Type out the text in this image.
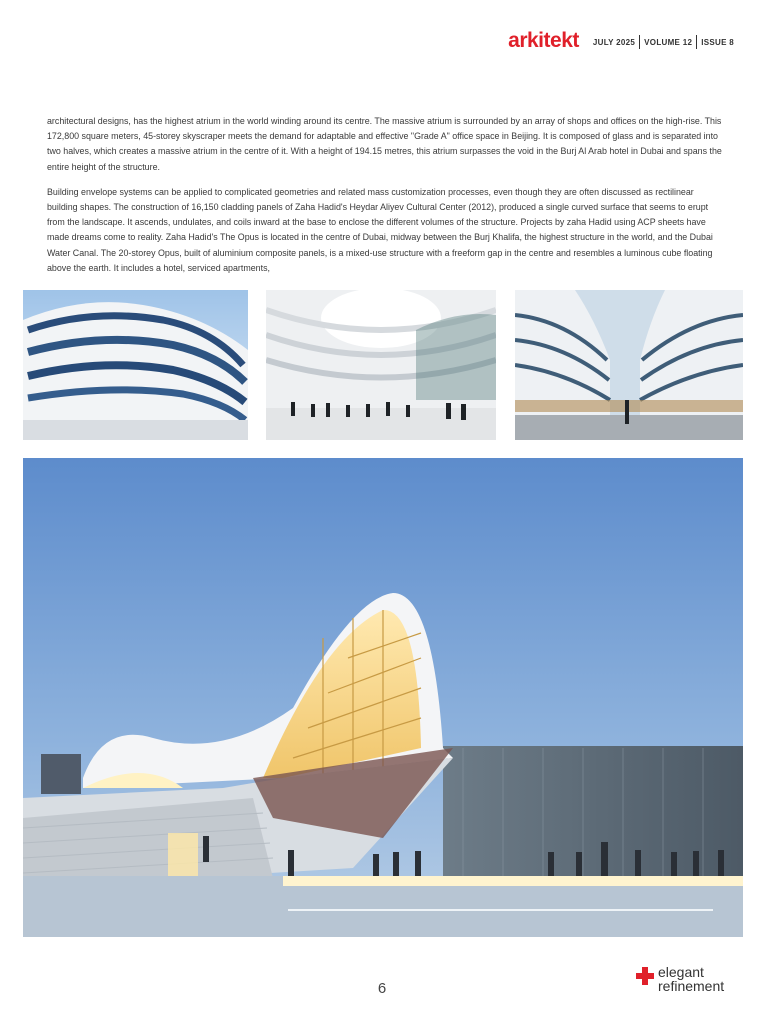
arkitekt	JULY 2025	VOLUME 12	ISSUE 8

architectural designs, has the highest atrium in the world winding around its centre. The massive atrium is surrounded by an array of shops and offices on the high-rise. This 172,800 square meters, 45-storey skyscraper meets the demand for adaptable and effective "Grade A" office space in Beijing. It is composed of glass and is separated into two halves, which creates a massive atrium in the centre of it. With a height of 194.15 metres, this atrium surpasses the void in the Burj Al Arab hotel in Dubai and spans the entire height of the structure.

Building envelope systems can be applied to complicated geometries and related mass customization processes, even though they are often discussed as rectilinear building shapes. The construction of 16,150 cladding panels of Zaha Hadid's Heydar Aliyev Cultural Center (2012), produced a single curved surface that seems to erupt from the landscape. It ascends, undulates, and coils inward at the base to enclose the different volumes of the structure. Projects by zaha Hadid using ACP sheets have made dreams come to reality. Zaha Hadid's The Opus is located in the centre of Dubai, midway between the Burj Khalifa, the highest structure in the world, and the Dubai Water Canal. The 20-storey Opus, built of aluminium composite panels, is a mixed-use structure with a freeform gap in the centre and resembles a luminous cube floating above the earth. It includes a hotel, serviced apartments,

6
elegant
refinement
